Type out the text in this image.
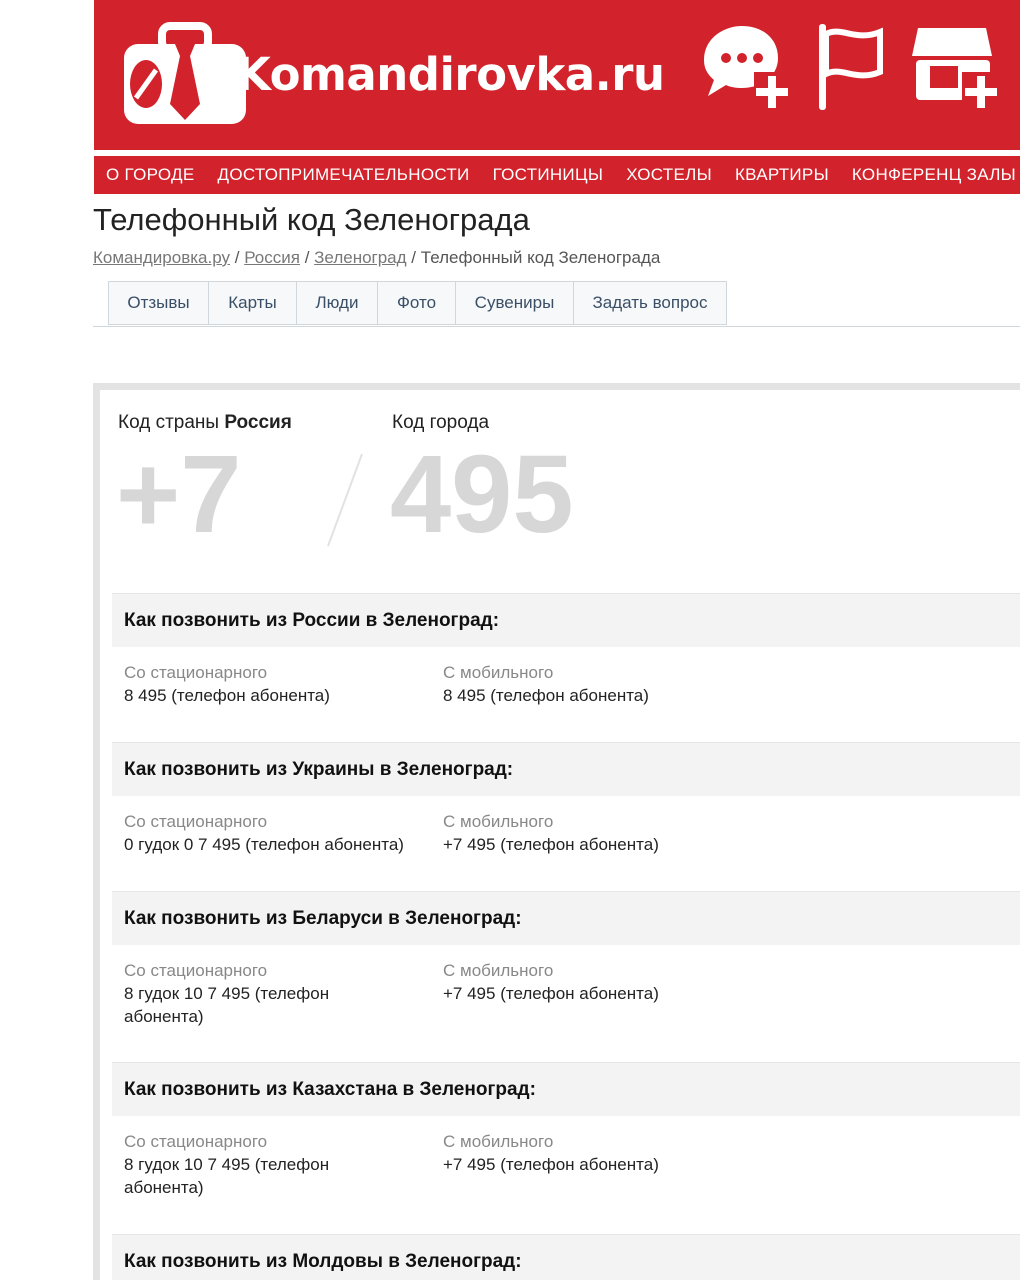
Komandirovka.ru
О ГОРОДЕ ДОСТОПРИМЕЧАТЕЛЬНОСТИ ГОСТИНИЦЫ ХОСТЕЛЫ КВАРТИРЫ КОНФЕРЕНЦ ЗАЛЫ
Телефонный код Зеленограда
Командировка.ру / Россия / Зеленоград / Телефонный код Зеленограда
Отзывы	Карты	Люди	Фото	Сувениры	Задать вопрос
Код страны Россия	Код города
+7 495
Как позвонить из России в Зеленоград:
Со стационарного
8 495 (телефон абонента)
С мобильного
8 495 (телефон абонента)
Как позвонить из Украины в Зеленоград:
Со стационарного
0 гудок 0 7 495 (телефон абонента)
С мобильного
+7 495 (телефон абонента)
Как позвонить из Беларуси в Зеленоград:
Со стационарного
8 гудок 10 7 495 (телефон абонента)
С мобильного
+7 495 (телефон абонента)
Как позвонить из Казахстана в Зеленоград:
Со стационарного
8 гудок 10 7 495 (телефон абонента)
С мобильного
+7 495 (телефон абонента)
Как позвонить из Молдовы в Зеленоград:
